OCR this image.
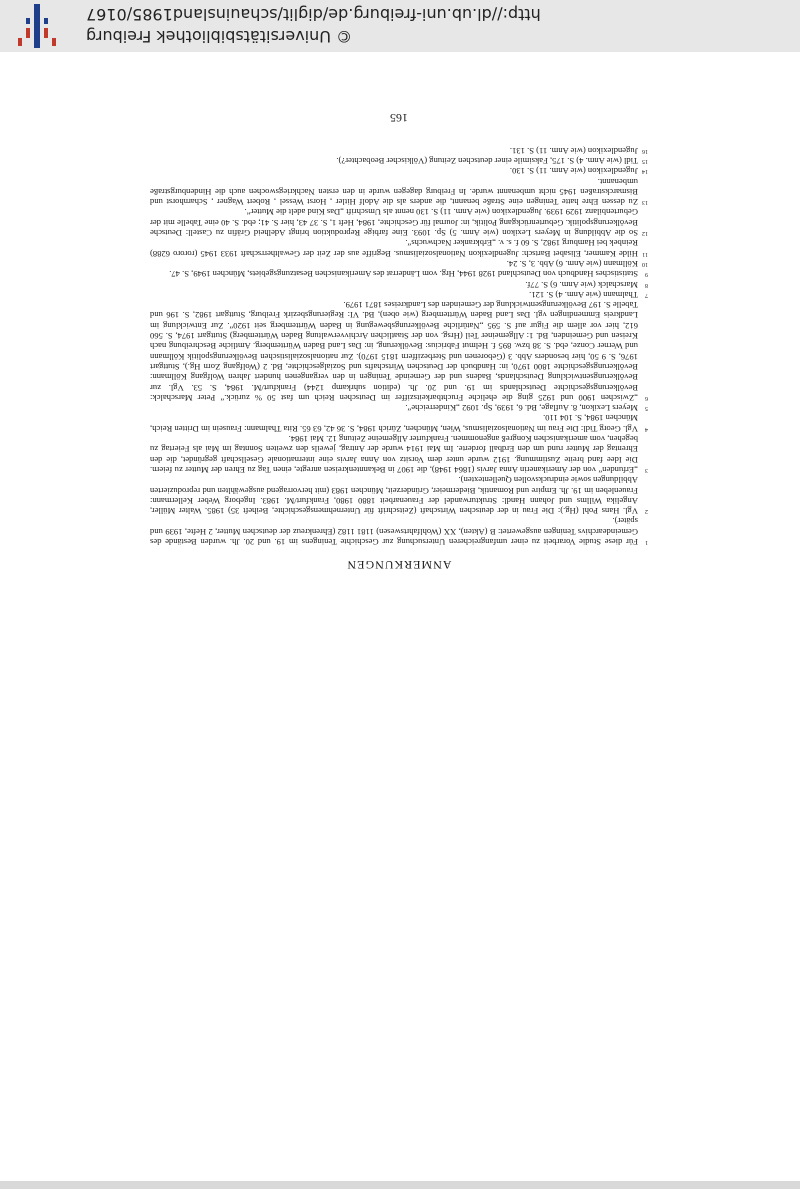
© Universitätsbibliothek Freiburg
http://dl.ub.uni-freiburg.de/diglit/schauinsland1985/0167
ANMERKUNGEN

1
Für diese Studie Vorarbeit zu einer umfangreicheren Untersuchung zur Geschichte Teningens im 19. und 20. Jh. wurden Bestände des Gemeindearchivs Teningen ausgewertet: B (Akten), XX (Wohlfahrtswesen) 1181 1182 (Ehrenkreuz der deutschen Mutter, 2 Hefte, 1939 und später).

2
Vgl. Hans Pohl (Hg.): Die Frau in der deutschen Wirtschaft (Zeitschrift für Unternehmensgeschichte, Beiheft 35) 1985. Walter Müller, Angelika Willms und Johann Handl: Strukturwandel der Frauenarbeit 1880 1980, Frankfurt/M. 1983. Ingeborg Weber Kellermann: Frauenleben im 19. Jh. Empire und Romantik, Biedermeier, Gründerzeit, München 1983 (mit hervorragend ausgewählten und reproduzierten Abbildungen sowie eindrucksvollen Quellentexten).

3
„Erfunden“ von der Amerikanerin Anna Jarvis (1864 1948), die 1907 in Bekanntenkreisen anregte, einen Tag zu Ehren der Mutter zu feiern. Die Idee fand breite Zustimmung. 1912 wurde unter dem Vorsitz von Anna Jarvis eine internationale Gesellschaft gegründet, die den Ehrentag der Mutter rund um den Erdball forderte. Im Mai 1914 wurde der Antrag, jeweils den zweiten Sonntag im Mai als Feiertag zu begehen, vom amerikanischen Kongreß angenommen. Frankfurter Allgemeine Zeitung 12. Mai 1984.

4
Vgl. Georg Tidl: Die Frau im Nationalsozialismus, Wien, München, Zürich 1984, S. 36 42, 63 65. Rita Thalmann: Frausein im Dritten Reich, München 1984, S. 104 110.

5
Meyers Lexikon, 8. Auflage, Bd. 6, 1939, Sp. 1092 „Kinderreiche“.

6
„Zwischen 1900 und 1925 ging die eheliche Fruchtbarkeitsziffer im Deutschen Reich um fast 50 % zurück.“ Peter Marschalck: Bevölkerungsgeschichte Deutschlands im 19. und 20. Jh. (edition suhrkamp 1244) Frankfurt/M. 1984, S. 53. Vgl. zur Bevölkerungsentwicklung Deutschlands, Badens und der Gemeinde Teningen in den vergangenen hundert Jahren Wolfgang Köllmann: Bevölkerungsgeschichte 1800 1970, in: Handbuch der Deutschen Wirtschafts und Sozialgeschichte, Bd. 2 (Wolfgang Zorn Hg.), Stuttgart 1976, S. 9 50, hier besonders Abb. 3 (Geborenen und Sterbeziffern 1815 1970). Zur nationalsozialistischen Bevölkerungspolitik Köllmann und Werner Conze, ebd. S. 38 bzw. 895 f. Helmut Fabricius: Bevölkerung, in: Das Land Baden Württemberg. Amtliche Beschreibung nach Kreisen und Gemeinden, Bd. 1: Allgemeiner Teil (Hrsg. von der Staatlichen Archivverwaltung Baden Württemberg) Stuttgart 1974, S. 560 612, hier vor allem die Figur auf S. 595 „Natürliche Bevölkerungsbewegung in Baden Württemberg seit 1920“. Zur Entwicklung im Landkreis Emmendingen vgl. Das Land Baden Württemberg (wie oben), Bd. VI: Regierungsbezirk Freiburg, Stuttgart 1982, S. 196 und Tabelle S. 197 Bevölkerungsentwicklung der Gemeinden des Landkreises 1871 1979.

7
Thalmann (wie Anm. 4) S. 121.

8
Marschalck (wie Anm. 6) S. 77f.

9
Statistisches Handbuch von Deutschland 1928 1944, Hrg. vom Länderrat des Amerikanischen Besatzungsgebiets, München 1949, S. 47.

10
Köllmann (wie Anm. 6) Abb. 3, S. 24.

11
Hilde Kammer, Elisabet Bartsch: Jugendlexikon Nationalsozialismus. Begriffe aus der Zeit der Gewaltherrschaft 1933 1945 (rororo 6288) Reinbek bei Hamburg 1982, S. 60 f. s. v. „Erbkranker Nachwuchs“.

12
So die Abbildung in Meyers Lexikon (wie Anm. 5) Sp. 1093. Eine farbige Reproduktion bringt Adelheid Gräfin zu Castell: Deutsche Bevölkerungspolitik. Geburtenrückgang Politik, in: Journal für Geschichte, 1984, Heft 1, S. 37 43, hier S. 41; ebd. S. 40 eine Tabelle mit der Geburtenbilanz 1929 1939. Jugendlexikon (wie Anm. 11) S. 130 nennt als Umschrift „Das Kind adelt die Mutter“.

13
Zu dessen Ehre hatte Teningen eine Straße benannt, die anders als die Adolf Hitler , Horst Wessel , Robert Wagner , Scharnhorst und Bismarckstraßen 1945 nicht umbenannt wurde. In Freiburg dagegen wurde in den ersten Nachkriegswochen auch die Hindenburgstraße umbenannt.

14
Jugendlexikon (wie Anm. 11) S. 130.

15
Tidl (wie Anm. 4) S. 175, Faksimile einer deutschen Zeitung (Völkischer Beobachter?).

16
Jugendlexikon (wie Anm. 11) S. 131.

165
